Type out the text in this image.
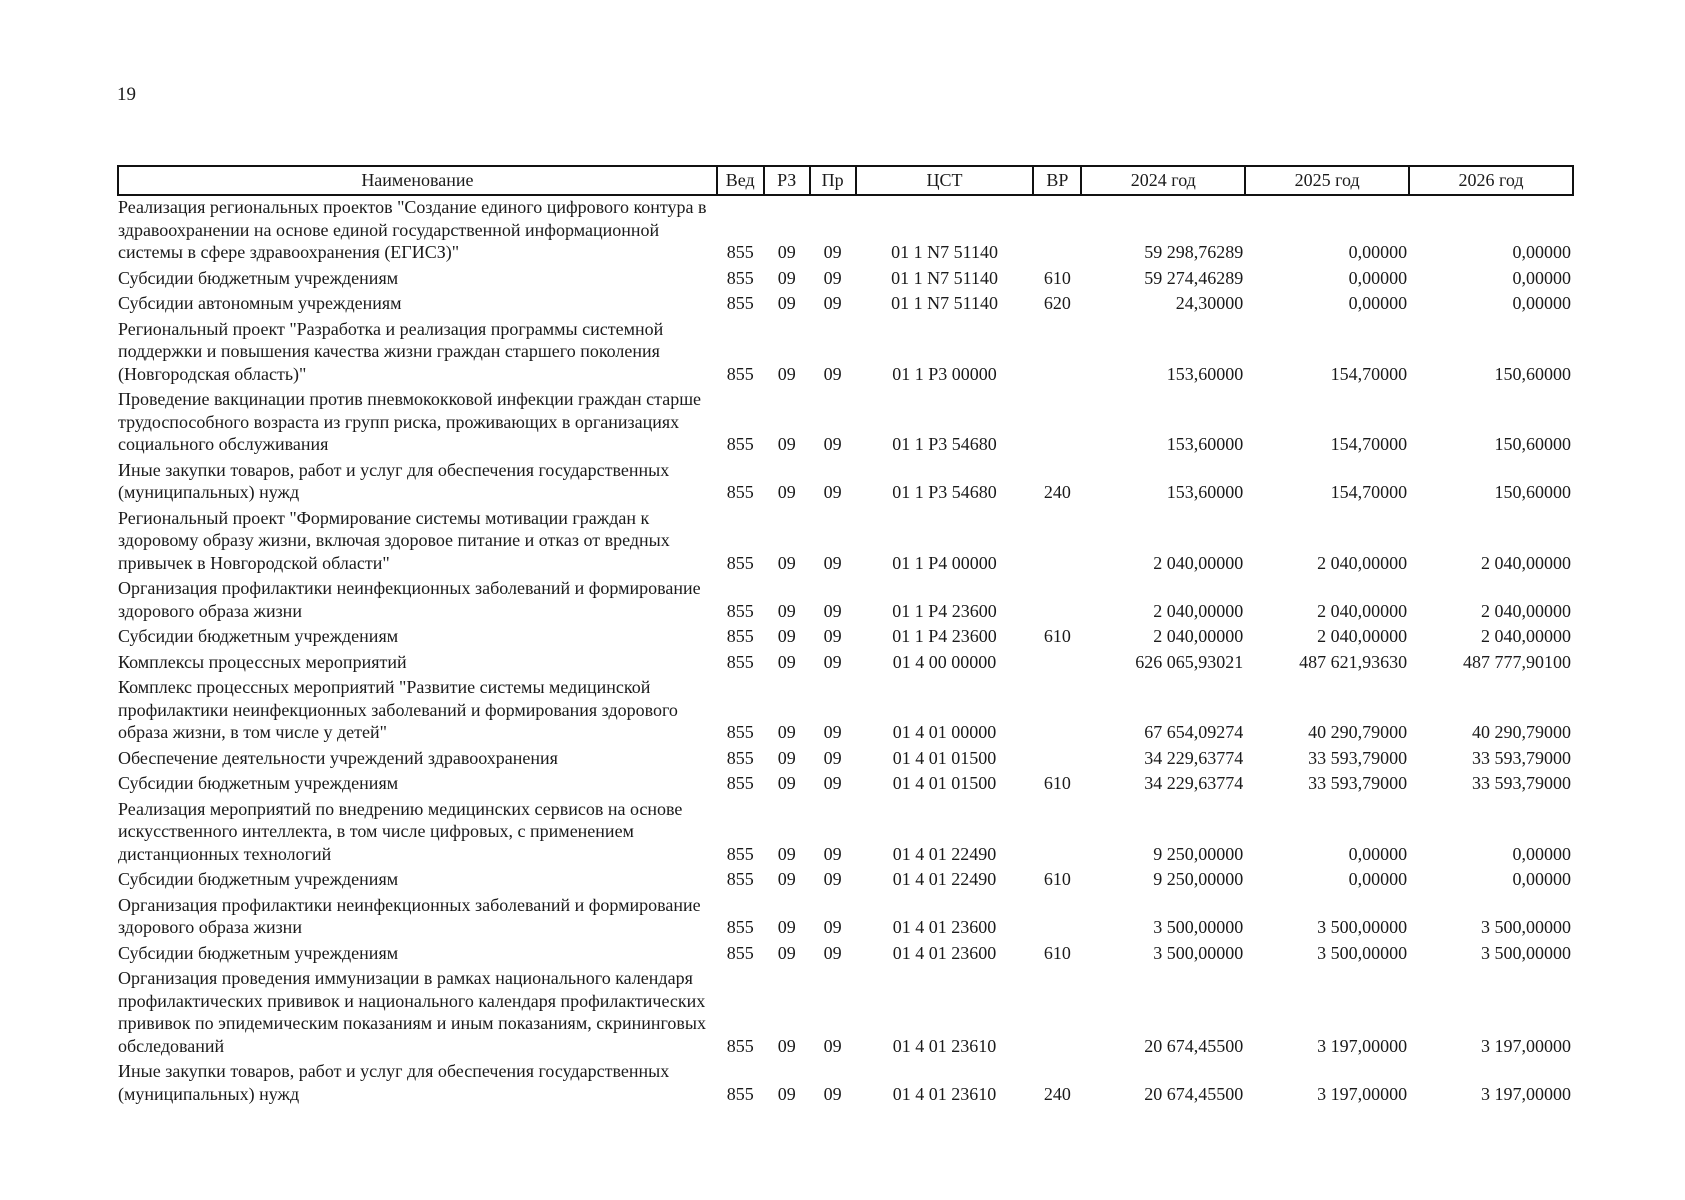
19
Наименование	Вед	РЗ	Пр	ЦСТ	ВР	2024 год	2025 год	2026 год
Реализация региональных проектов "Создание единого цифрового контура в здравоохранении на основе единой государственной информационной системы в сфере здравоохранения (ЕГИСЗ)"	855	09	09	01 1 N7 51140		59 298,76289	0,00000	0,00000
Субсидии бюджетным учреждениям	855	09	09	01 1 N7 51140	610	59 274,46289	0,00000	0,00000
Субсидии автономным учреждениям	855	09	09	01 1 N7 51140	620	24,30000	0,00000	0,00000
Региональный проект "Разработка и реализация программы системной поддержки и повышения качества жизни граждан старшего поколения (Новгородская область)"	855	09	09	01 1 P3 00000		153,60000	154,70000	150,60000
Проведение вакцинации против пневмококковой инфекции граждан старше трудоспособного возраста из групп риска, проживающих в организациях социального обслуживания	855	09	09	01 1 P3 54680		153,60000	154,70000	150,60000
Иные закупки товаров, работ и услуг для обеспечения государственных (муниципальных) нужд	855	09	09	01 1 P3 54680	240	153,60000	154,70000	150,60000
Региональный проект "Формирование системы мотивации граждан к здоровому образу жизни, включая здоровое питание и отказ от вредных привычек в Новгородской области"	855	09	09	01 1 P4 00000		2 040,00000	2 040,00000	2 040,00000
Организация профилактики неинфекционных заболеваний и формирование здорового образа жизни	855	09	09	01 1 P4 23600		2 040,00000	2 040,00000	2 040,00000
Субсидии бюджетным учреждениям	855	09	09	01 1 P4 23600	610	2 040,00000	2 040,00000	2 040,00000
Комплексы процессных мероприятий	855	09	09	01 4 00 00000		626 065,93021	487 621,93630	487 777,90100
Комплекс процессных мероприятий "Развитие системы медицинской профилактики неинфекционных заболеваний и формирования здорового образа жизни, в том числе у детей"	855	09	09	01 4 01 00000		67 654,09274	40 290,79000	40 290,79000
Обеспечение деятельности учреждений здравоохранения	855	09	09	01 4 01 01500		34 229,63774	33 593,79000	33 593,79000
Субсидии бюджетным учреждениям	855	09	09	01 4 01 01500	610	34 229,63774	33 593,79000	33 593,79000
Реализация мероприятий по внедрению медицинских сервисов на основе искусственного интеллекта, в том числе цифровых, с применением дистанционных технологий	855	09	09	01 4 01 22490		9 250,00000	0,00000	0,00000
Субсидии бюджетным учреждениям	855	09	09	01 4 01 22490	610	9 250,00000	0,00000	0,00000
Организация профилактики неинфекционных заболеваний и формирование здорового образа жизни	855	09	09	01 4 01 23600		3 500,00000	3 500,00000	3 500,00000
Субсидии бюджетным учреждениям	855	09	09	01 4 01 23600	610	3 500,00000	3 500,00000	3 500,00000
Организация проведения иммунизации в рамках национального календаря профилактических прививок и национального календаря профилактических прививок по эпидемическим показаниям и иным показаниям, скрининговых обследований	855	09	09	01 4 01 23610		20 674,45500	3 197,00000	3 197,00000
Иные закупки товаров, работ и услуг для обеспечения государственных (муниципальных) нужд	855	09	09	01 4 01 23610	240	20 674,45500	3 197,00000	3 197,00000
